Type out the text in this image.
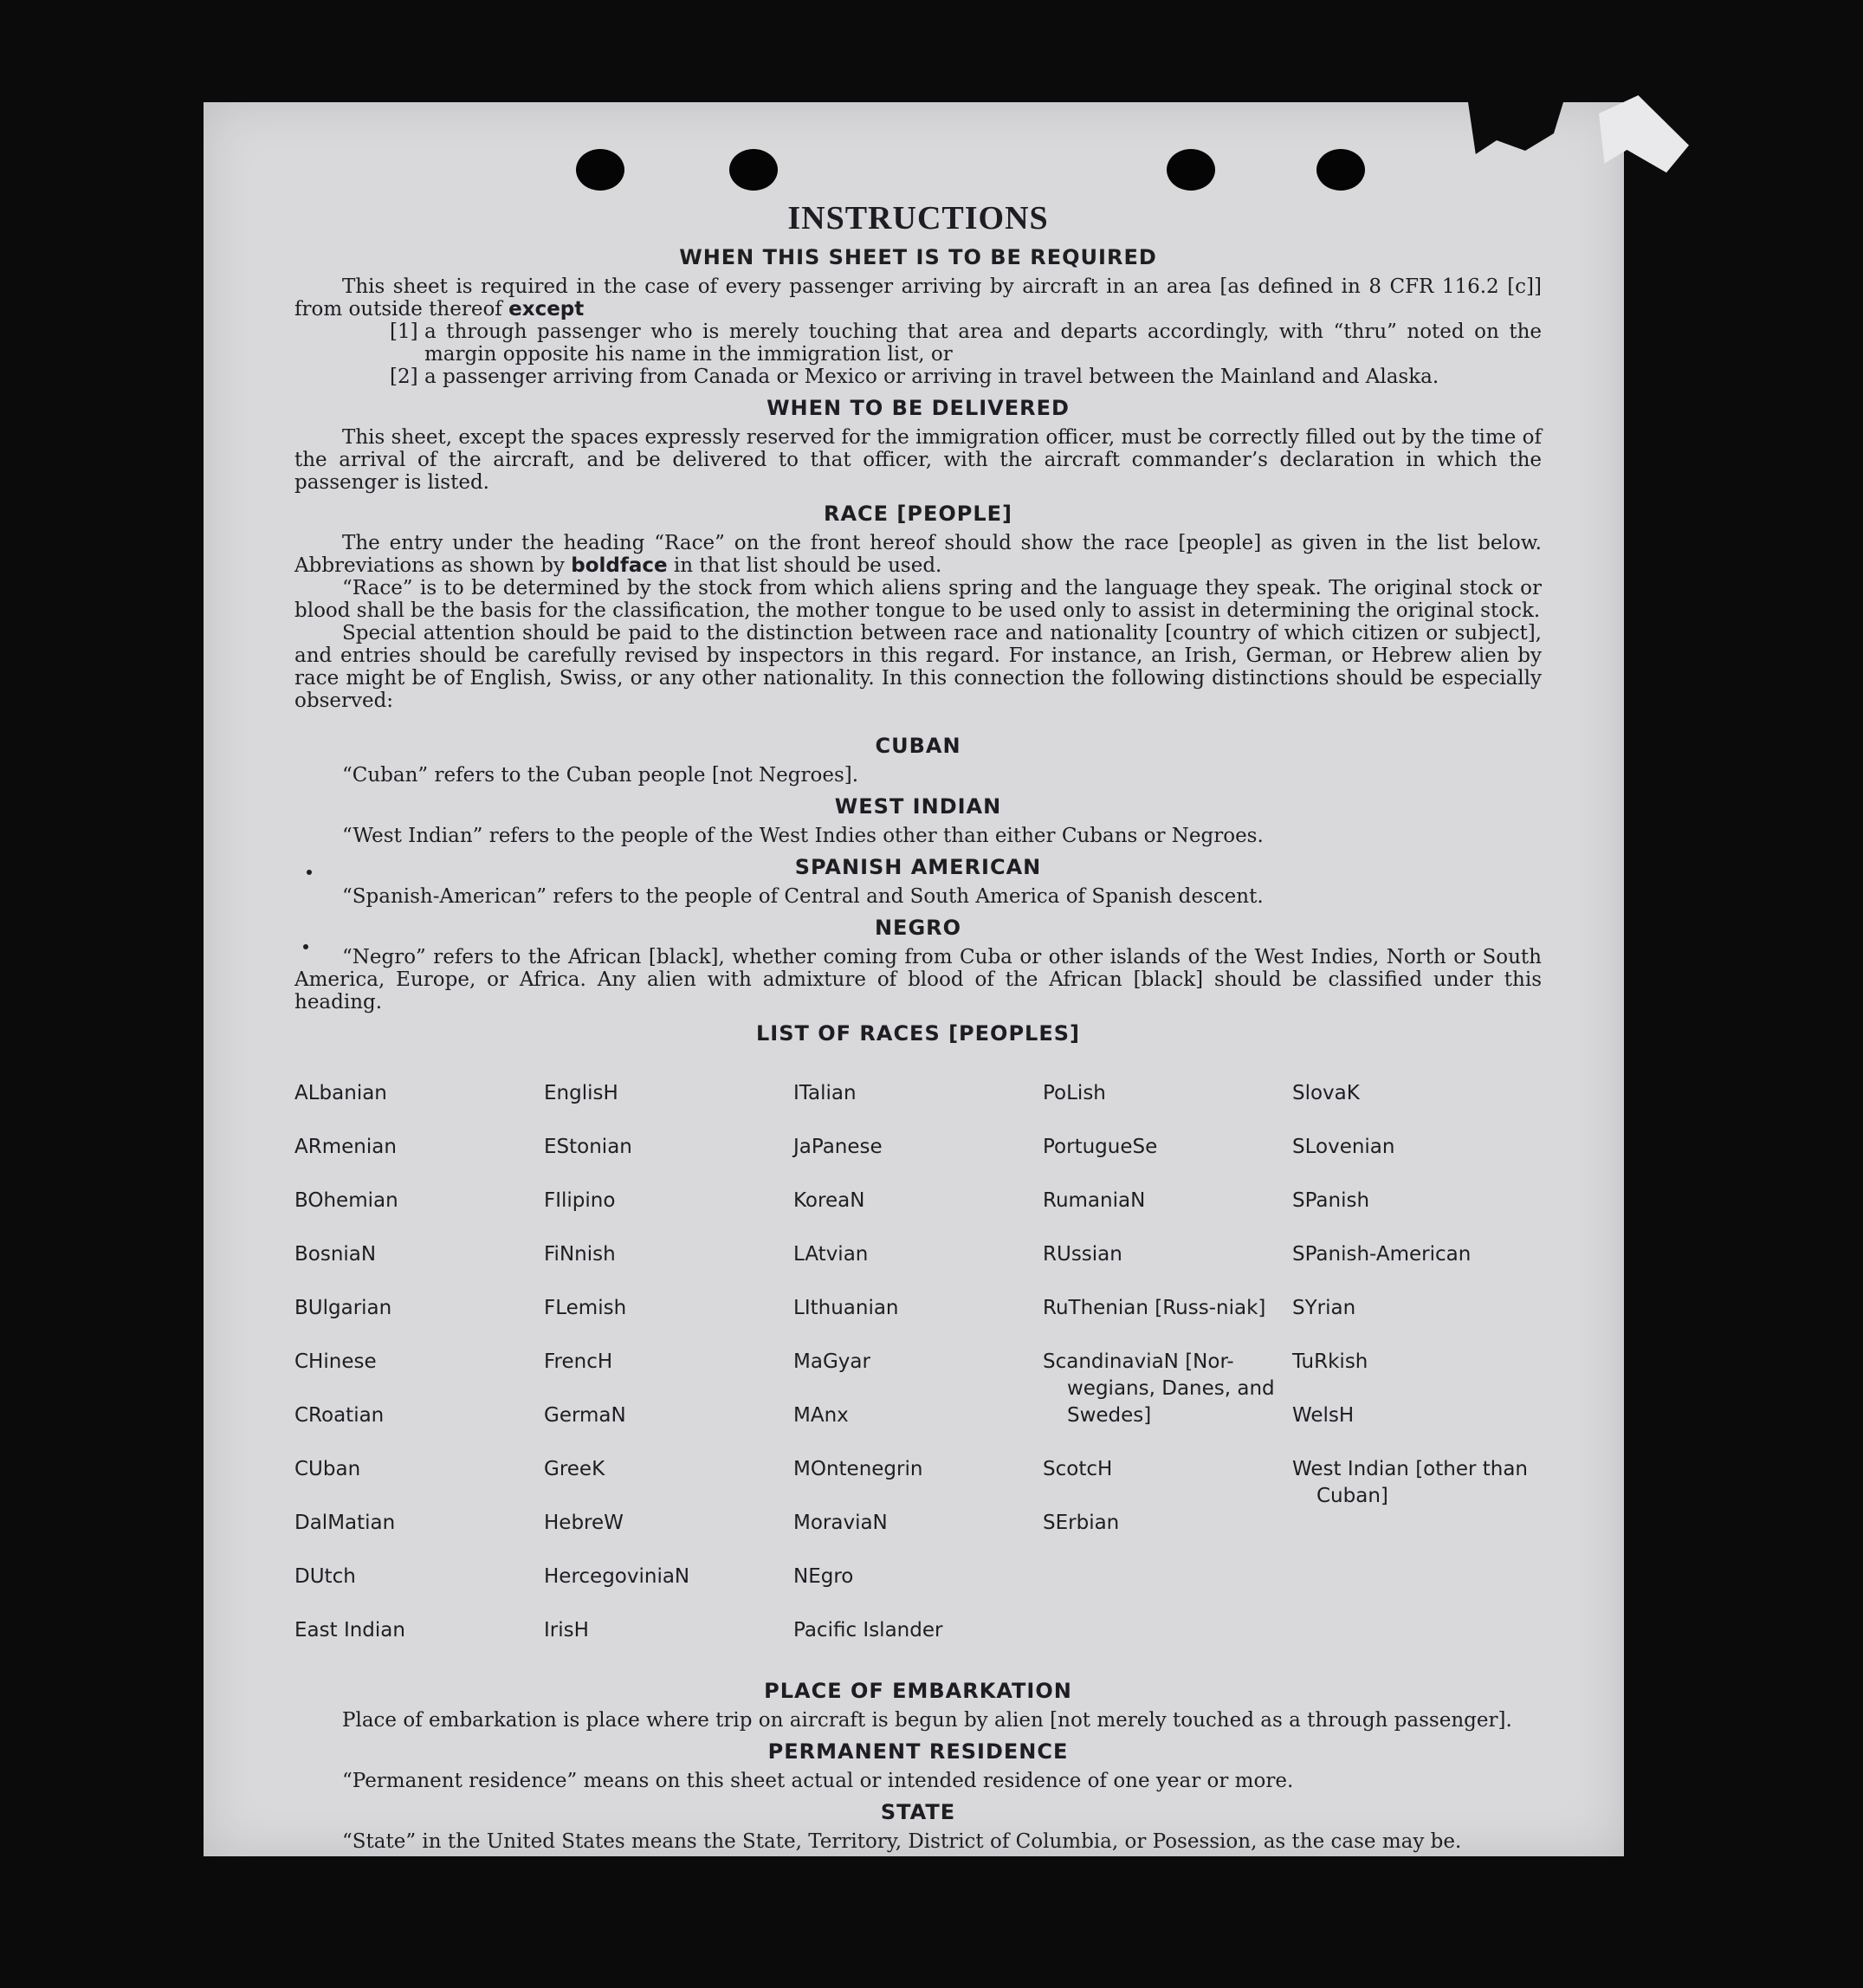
INSTRUCTIONS
WHEN THIS SHEET IS TO BE REQUIRED

This sheet is required in the case of every passenger arriving by aircraft in an area [as defined in 8 CFR 116.2 [c]] from outside thereof except

[1] a through passenger who is merely touching that area and departs accordingly, with “thru” noted on the margin opposite his name in the immigration list, or
[2] a passenger arriving from Canada or Mexico or arriving in travel between the Mainland and Alaska.
WHEN TO BE DELIVERED

This sheet, except the spaces expressly reserved for the immigration officer, must be correctly filled out by the time of the arrival of the aircraft, and be delivered to that officer, with the aircraft commander’s declaration in which the passenger is listed.

RACE [PEOPLE]

The entry under the heading “Race” on the front hereof should show the race [people] as given in the list below. Abbreviations as shown by boldface in that list should be used.

“Race” is to be determined by the stock from which aliens spring and the language they speak. The original stock or blood shall be the basis for the classification, the mother tongue to be used only to assist in determining the original stock.

Special attention should be paid to the distinction between race and nationality [country of which citizen or subject], and entries should be carefully revised by inspectors in this regard. For instance, an Irish, German, or Hebrew alien by race might be of English, Swiss, or any other nationality. In this connection the following distinctions should be especially observed:

CUBAN

“Cuban” refers to the Cuban people [not Negroes].

WEST INDIAN

“West Indian” refers to the people of the West Indies other than either Cubans or Negroes.

SPANISH AMERICAN

“Spanish-American” refers to the people of Central and South America of Spanish descent.

NEGRO

“Negro” refers to the African [black], whether coming from Cuba or other islands of the West Indies, North or South America, Europe, or Africa. Any alien with admixture of blood of the African [black] should be classified under this heading.

LIST OF RACES [PEOPLES]

ALbanian

ARmenian

BOhemian

BosniaN

BUlgarian

CHinese

CRoatian

CUban

DalMatian

DUtch

East Indian

EnglisH

EStonian

FIlipino

FiNnish

FLemish

FrencH

GermaN

GreeK

HebreW

HercegoviniaN

IrisH

ITalian

JaPanese

KoreaN

LAtvian

LIthuanian

MaGyar

MAnx

MOntenegrin

MoraviaN

NEgro

Pacific Islander

PoLish

PortugueSe

RumaniaN

RUssian

RuThenian [Russ-niak]

ScandinaviaN [Nor-wegians, Danes, and Swedes]

ScotcH

SErbian

SlovaK

SLovenian

SPanish

SPanish-American

SYrian

TuRkish

WelsH

West Indian [other than Cuban]

PLACE OF EMBARKATION

Place of embarkation is place where trip on aircraft is begun by alien [not merely touched as a through passenger].

PERMANENT RESIDENCE

“Permanent residence” means on this sheet actual or intended residence of one year or more.

STATE

“State” in the United States means the State, Territory, District of Columbia, or Posession, as the case may be.
